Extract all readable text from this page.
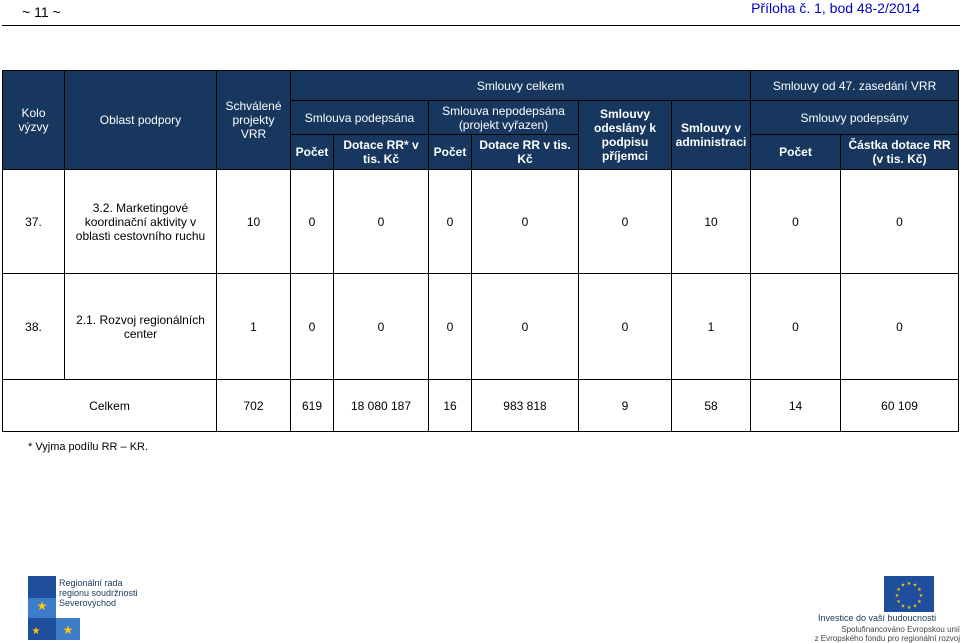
~ 11 ~	Příloha č. 1, bod 48-2/2014
Kolo výzvy	Oblast podpory	Schválené projekty VRR	Smlouvy celkem						Smlouvy od 47. zasedání VRR	
			Smlouva podepsána		Smlouva nepodepsána (projekt vyřazen)		Smlouvy odeslány k podpisu příjemci	Smlouvy v administraci	Smlouvy podepsány	
			Počet	Dotace RR* v tis. Kč	Počet	Dotace RR v tis. Kč			Počet	Částka dotace RR (v tis. Kč)
37.	3.2. Marketingové koordinační aktivity v oblasti cestovního ruchu	10	0	0	0	0	0	10	0	0
38.	2.1. Rozvoj regionálních center	1	0	0	0	0	0	1	0	0
Celkem		702	619	18 080 187	16	983 818	9	58	14	60 109
* Vyjma podílu RR – KR.
★
★
★
Regionální rada
regionu soudržnosti
Severovýchod
★ ★
★
★
★
★
★
★
★
★
★
★
Investice do vaší budoucnosti
Spolufinancováno Evropskou unií
z Evropského fondu pro regionální rozvoj
